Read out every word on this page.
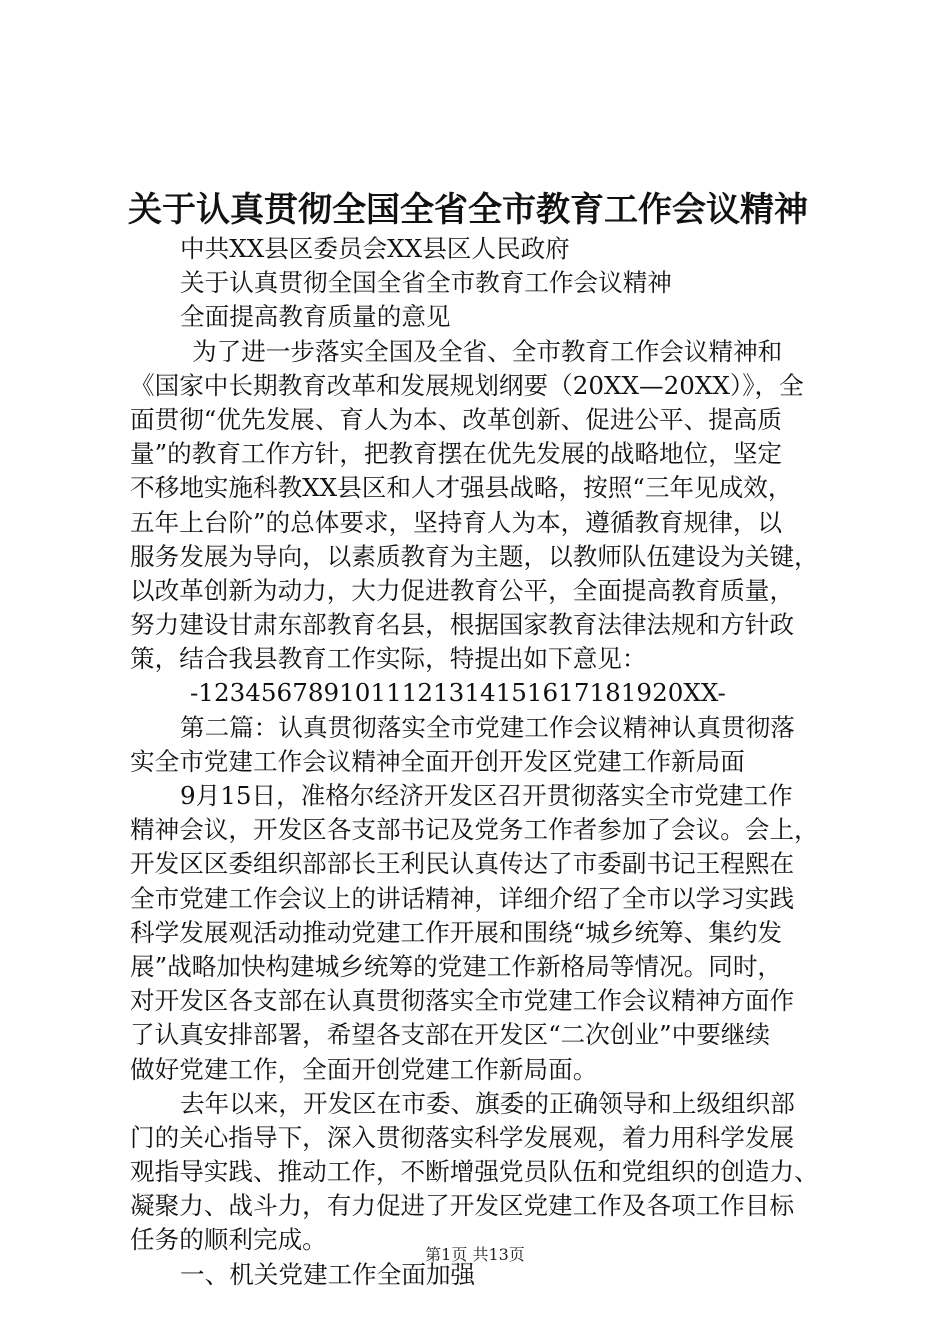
关于认真贯彻全国全省全市教育工作会议精神
中共XX县区委员会XX县区人民政府
关于认真贯彻全国全省全市教育工作会议精神
全面提高教育质量的意见
为了进一步落实全国及全省、全市教育工作会议精神和
《国家中长期教育改革和发展规划纲要（20XX—20XX）》，全
面贯彻“优先发展、育人为本、改革创新、促进公平、提高质
量”的教育工作方针，把教育摆在优先发展的战略地位，坚定
不移地实施科教XX县区和人才强县战略，按照“三年见成效，
五年上台阶”的总体要求，坚持育人为本，遵循教育规律，以
服务发展为导向，以素质教育为主题，以教师队伍建设为关键，
以改革创新为动力，大力促进教育公平，全面提高教育质量，
努力建设甘肃东部教育名县，根据国家教育法律法规和方针政
策，结合我县教育工作实际，特提出如下意见：
-1234567891011121314151617181920XX-
第二篇：认真贯彻落实全市党建工作会议精神认真贯彻落
实全市党建工作会议精神全面开创开发区党建工作新局面
9月15日，准格尔经济开发区召开贯彻落实全市党建工作
精神会议，开发区各支部书记及党务工作者参加了会议。会上，
开发区区委组织部部长王利民认真传达了市委副书记王程熙在
全市党建工作会议上的讲话精神，详细介绍了全市以学习实践
科学发展观活动推动党建工作开展和围绕“城乡统筹、集约发
展”战略加快构建城乡统筹的党建工作新格局等情况。同时，
对开发区各支部在认真贯彻落实全市党建工作会议精神方面作
了认真安排部署，希望各支部在开发区“二次创业”中要继续
做好党建工作，全面开创党建工作新局面。
去年以来，开发区在市委、旗委的正确领导和上级组织部
门的关心指导下，深入贯彻落实科学发展观，着力用科学发展
观指导实践、推动工作，不断增强党员队伍和党组织的创造力、
凝聚力、战斗力，有力促进了开发区党建工作及各项工作目标
任务的顺利完成。
一、机关党建工作全面加强
第1页 共13页
